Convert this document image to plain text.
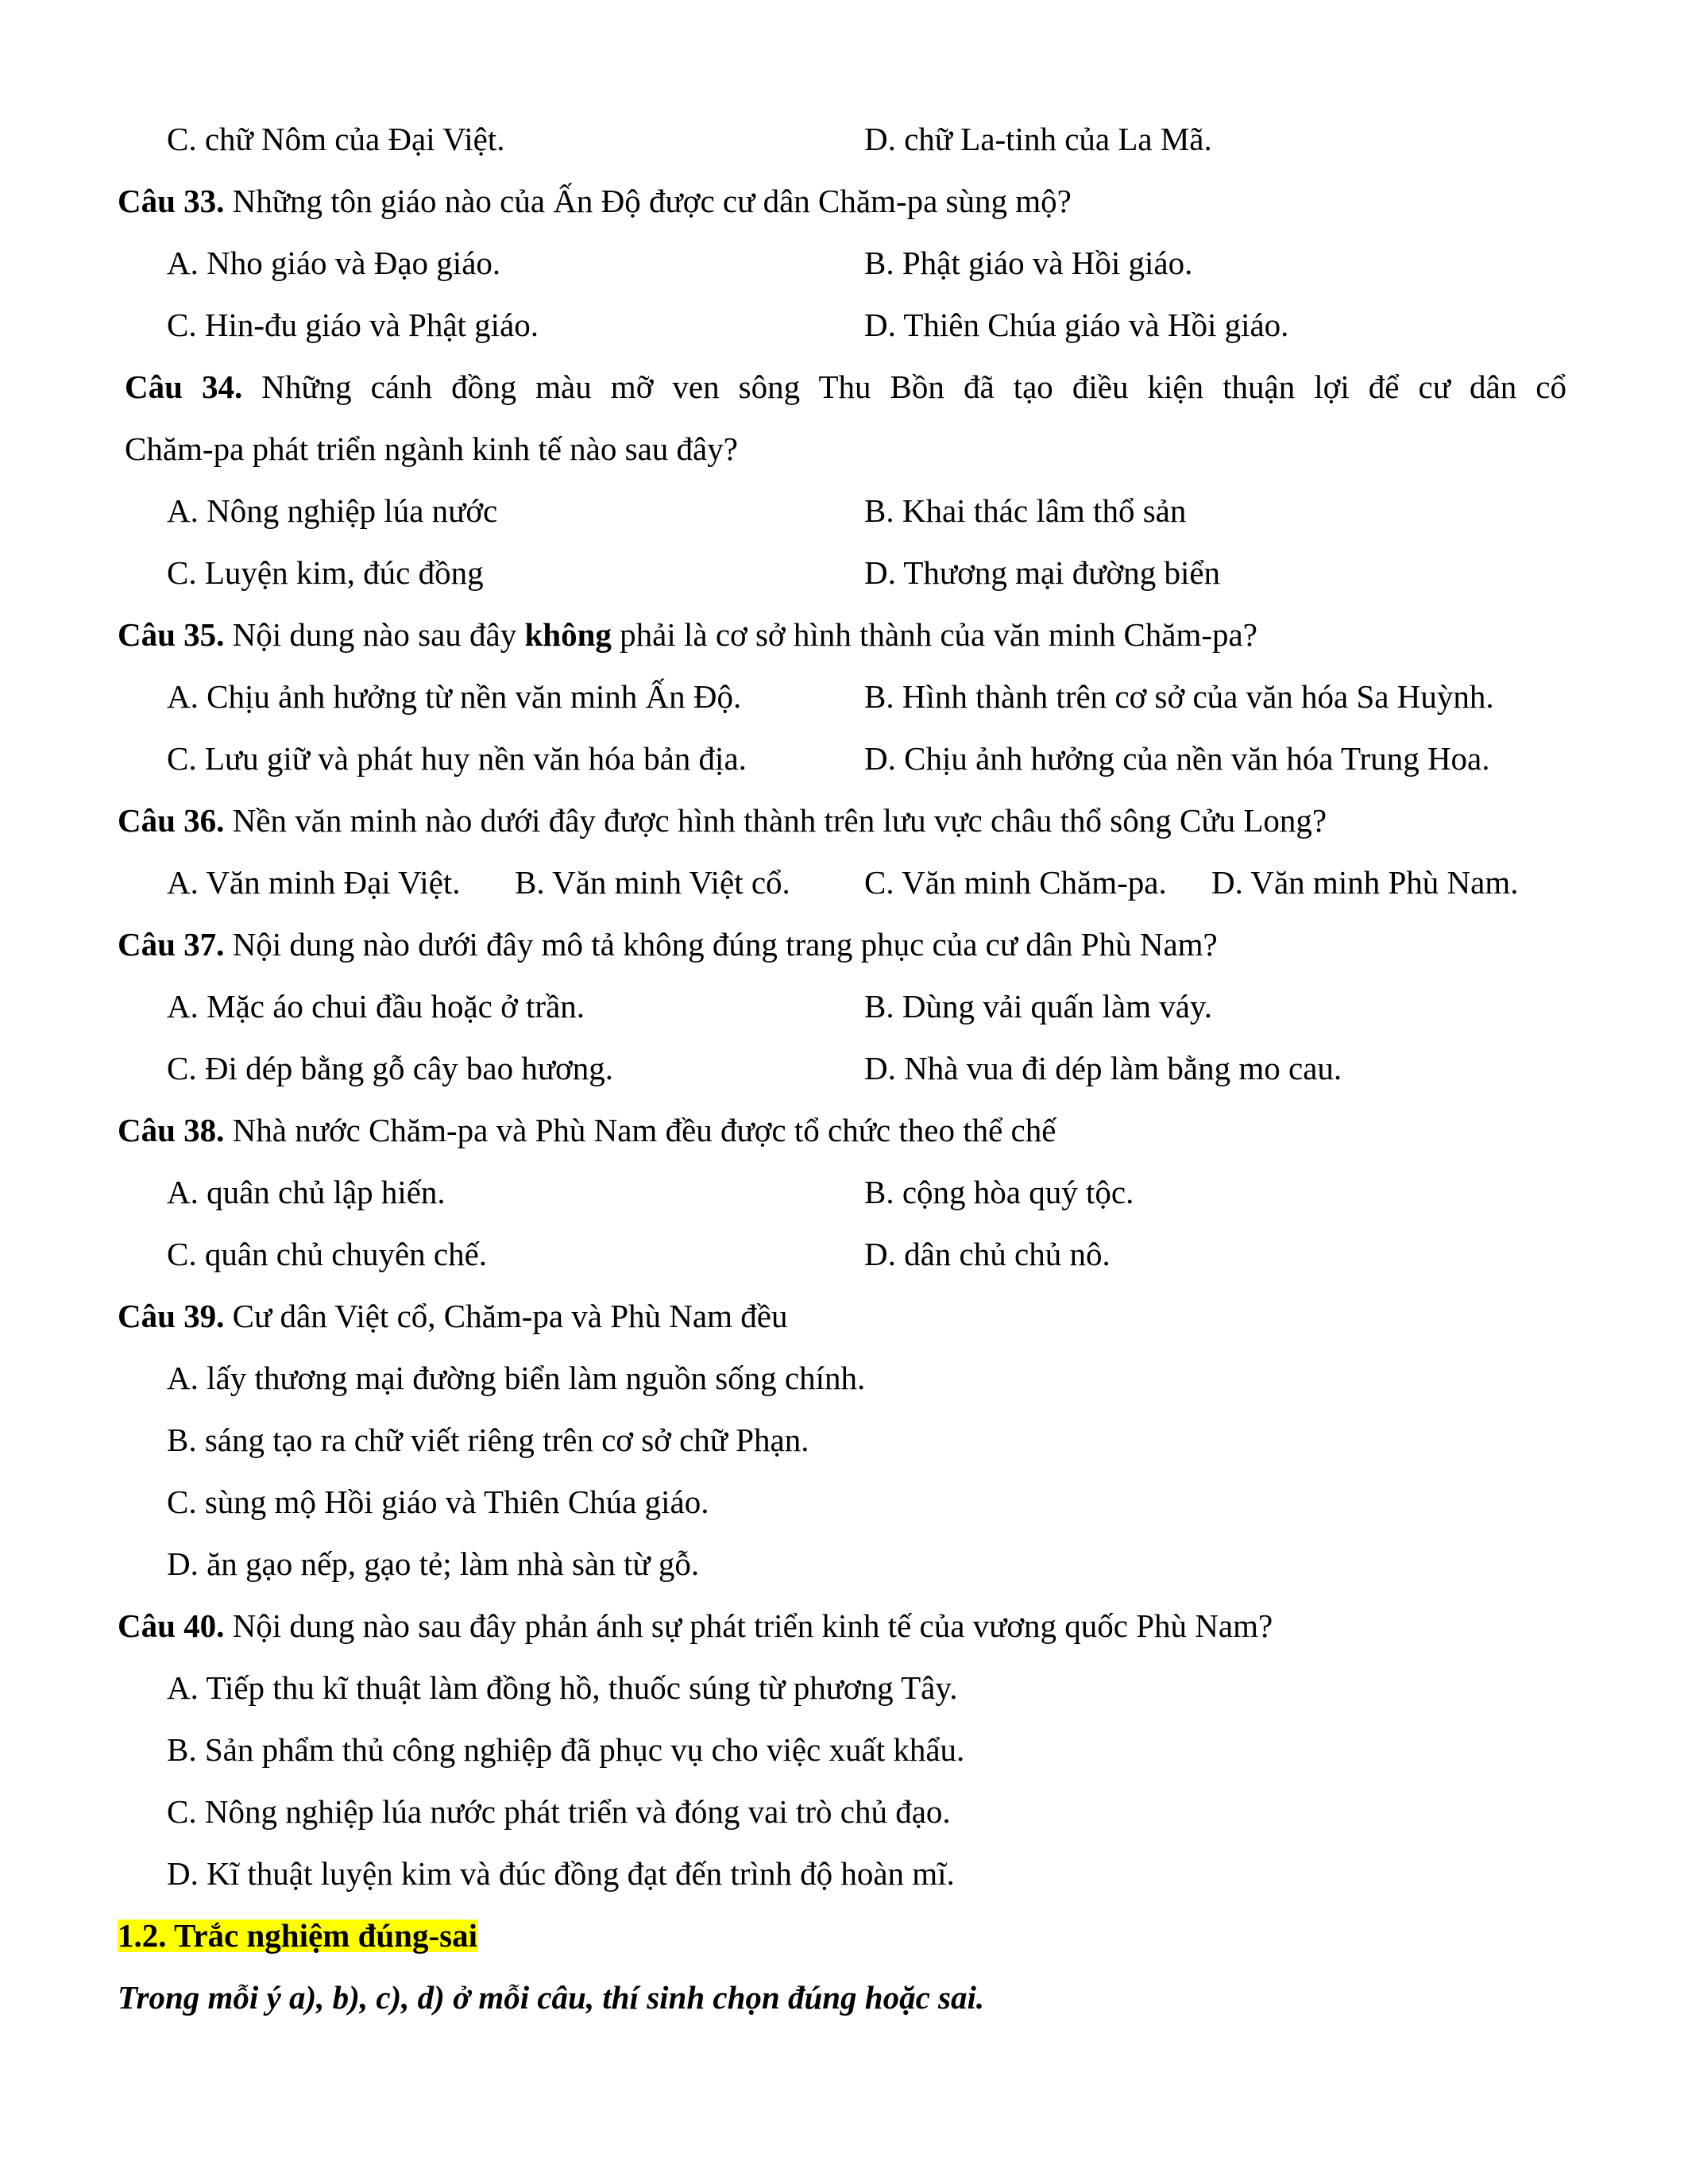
C. chữ Nôm của Đại Việt.	D. chữ La-tinh của La Mã.
Câu 33. Những tôn giáo nào của Ấn Độ được cư dân Chăm-pa sùng mộ?
A. Nho giáo và Đạo giáo.	B. Phật giáo và Hồi giáo.
C. Hin-đu giáo và Phật giáo.	D. Thiên Chúa giáo và Hồi giáo.
Câu 34. Những cánh đồng màu mỡ ven sông Thu Bồn đã tạo điều kiện thuận lợi để cư dân cổ
Chăm-pa phát triển ngành kinh tế nào sau đây?
A. Nông nghiệp lúa nước	B. Khai thác lâm thổ sản
C. Luyện kim, đúc đồng	D. Thương mại đường biển
Câu 35. Nội dung nào sau đây không phải là cơ sở hình thành của văn minh Chăm-pa?
A. Chịu ảnh hưởng từ nền văn minh Ấn Độ.	B. Hình thành trên cơ sở của văn hóa Sa Huỳnh.
C. Lưu giữ và phát huy nền văn hóa bản địa.	D. Chịu ảnh hưởng của nền văn hóa Trung Hoa.
Câu 36. Nền văn minh nào dưới đây được hình thành trên lưu vực châu thổ sông Cửu Long?
A. Văn minh Đại Việt. B. Văn minh Việt cổ. C. Văn minh Chăm-pa. D. Văn minh Phù Nam.
Câu 37. Nội dung nào dưới đây mô tả không đúng trang phục của cư dân Phù Nam?
A. Mặc áo chui đầu hoặc ở trần.	B. Dùng vải quấn làm váy.
C. Đi dép bằng gỗ cây bao hương.	D. Nhà vua đi dép làm bằng mo cau.
Câu 38. Nhà nước Chăm-pa và Phù Nam đều được tổ chức theo thể chế
A. quân chủ lập hiến.	B. cộng hòa quý tộc.
C. quân chủ chuyên chế.	D. dân chủ chủ nô.
Câu 39. Cư dân Việt cổ, Chăm-pa và Phù Nam đều
A. lấy thương mại đường biển làm nguồn sống chính.
B. sáng tạo ra chữ viết riêng trên cơ sở chữ Phạn.
C. sùng mộ Hồi giáo và Thiên Chúa giáo.
D. ăn gạo nếp, gạo tẻ; làm nhà sàn từ gỗ.
Câu 40. Nội dung nào sau đây phản ánh sự phát triển kinh tế của vương quốc Phù Nam?
A. Tiếp thu kĩ thuật làm đồng hồ, thuốc súng từ phương Tây.
B. Sản phẩm thủ công nghiệp đã phục vụ cho việc xuất khẩu.
C. Nông nghiệp lúa nước phát triển và đóng vai trò chủ đạo.
D. Kĩ thuật luyện kim và đúc đồng đạt đến trình độ hoàn mĩ.
1.2. Trắc nghiệm đúng-sai
Trong mỗi ý a), b), c), d) ở mỗi câu, thí sinh chọn đúng hoặc sai.
